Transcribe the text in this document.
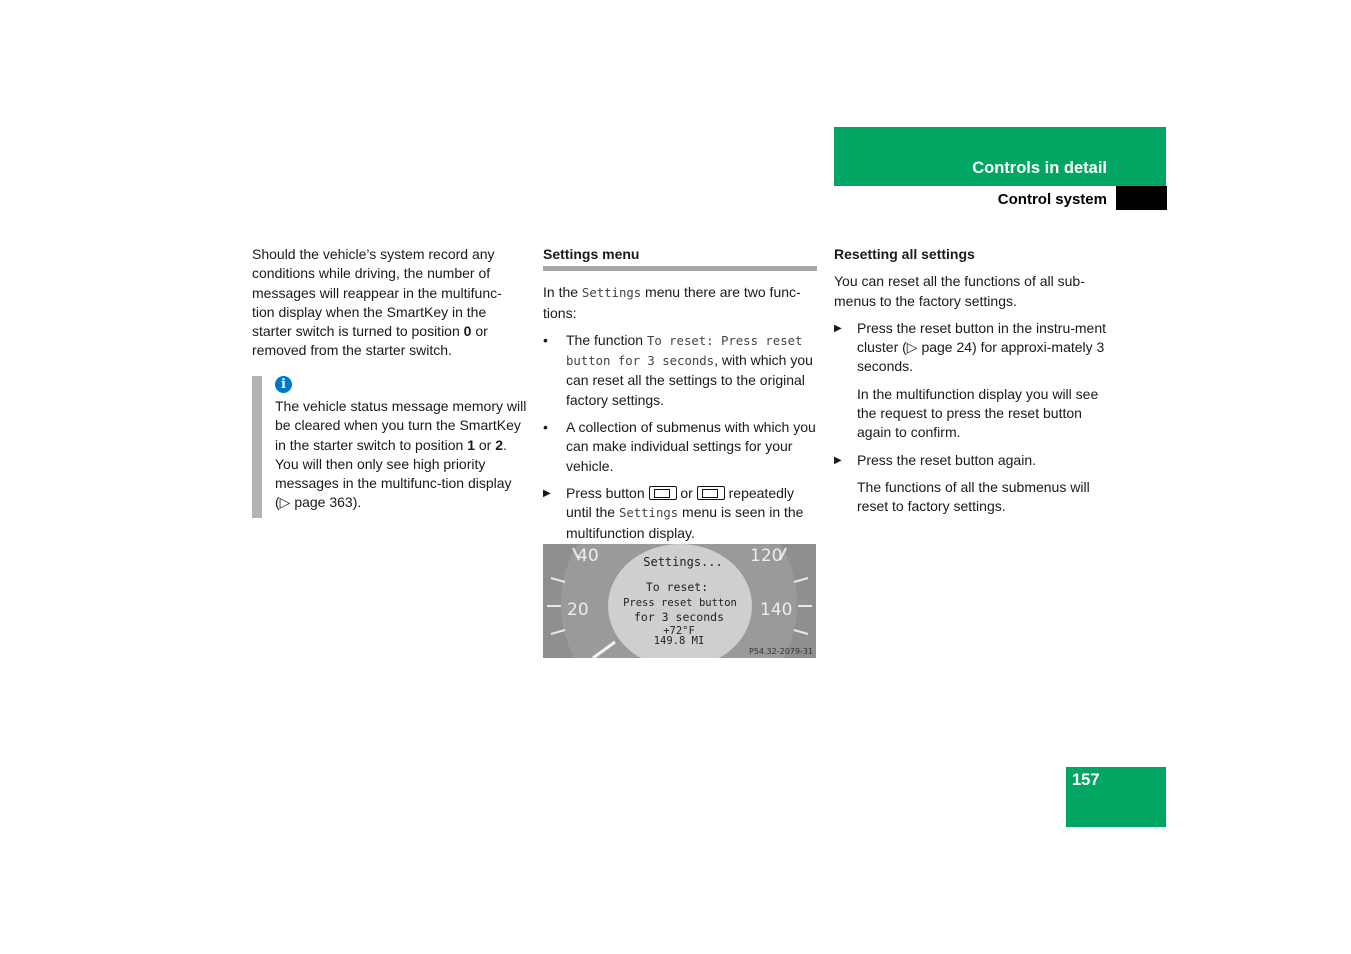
Controls in detail
Control system

Should the vehicle’s system record any conditions while driving, the number of messages will reappear in the multifunc-tion display when the SmartKey in the starter switch is turned to position 0 or removed from the starter switch.

i

The vehicle status message memory will be cleared when you turn the SmartKey in the starter switch to position 1 or 2. You will then only see high priority messages in the multifunc-tion display (▷ page 363).

Settings menu

In the Settings menu there are two func-tions:

•	The function To reset: Press reset button for 3 seconds, with which you can reset all the settings to the original factory settings.
•	A collection of submenus with which you can make individual settings for your vehicle.
▶	Press button  or  repeatedly until the Settings menu is seen in the multifunction display.
40
20
120
140
Settings...
To reset:
Press reset button
for 3 seconds
+72°F
149.8 MI
P54.32-2079-31

Resetting all settings

You can reset all the functions of all sub-menus to the factory settings.

▶	Press the reset button in the instru-ment cluster (▷ page 24) for approxi-mately 3 seconds.

In the multifunction display you will see the request to press the reset button again to confirm.

▶	Press the reset button again.

The functions of all the submenus will reset to factory settings.

157
